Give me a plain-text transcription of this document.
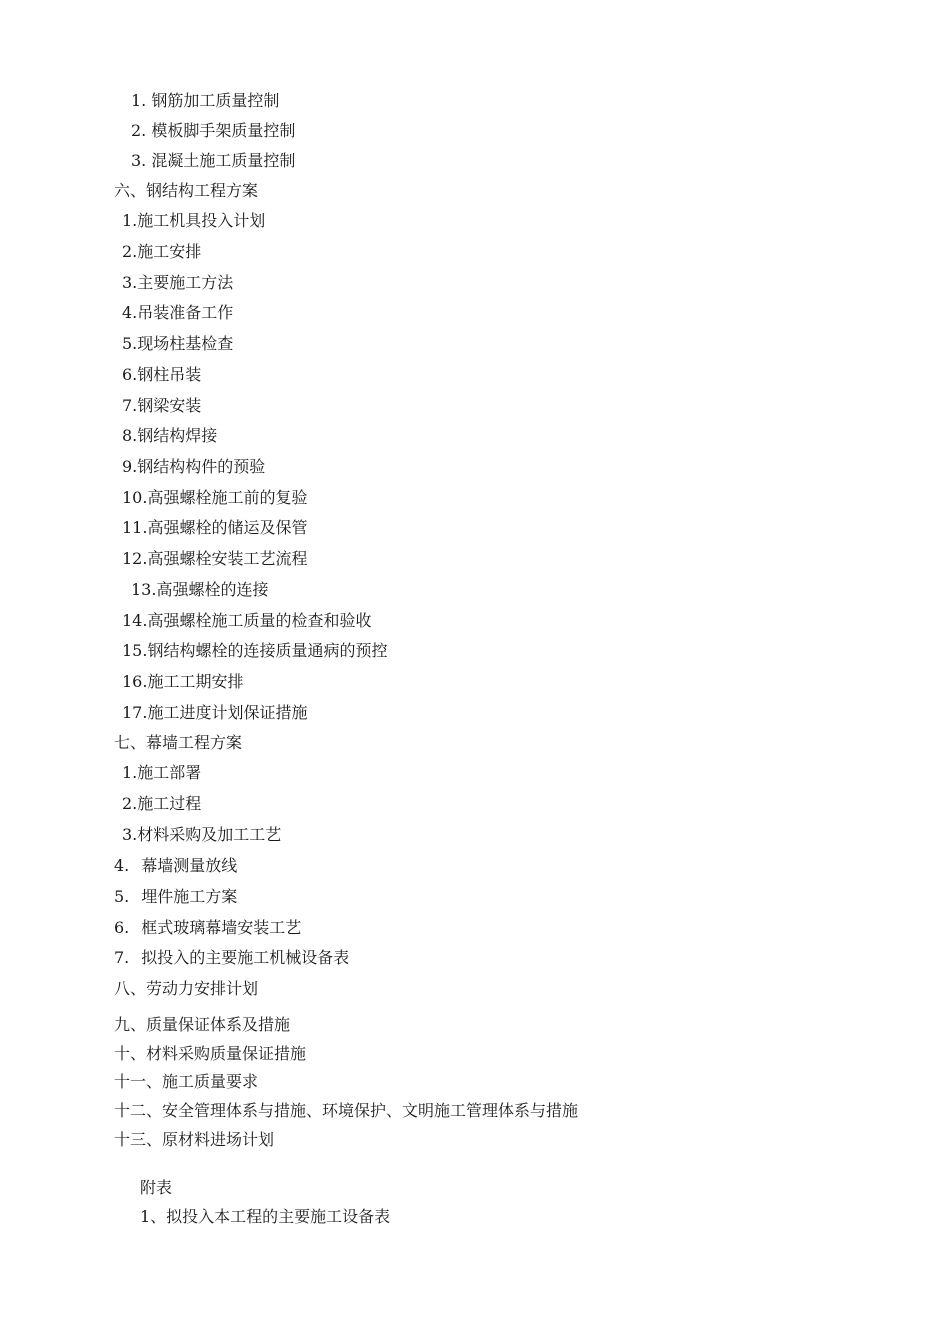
1. 钢筋加工质量控制
2. 模板脚手架质量控制
3. 混凝土施工质量控制
六、钢结构工程方案
1.施工机具投入计划
2.施工安排
3.主要施工方法
4.吊装准备工作
5.现场柱基检查
6.钢柱吊装
7.钢梁安装
8.钢结构焊接
9.钢结构构件的预验
10.高强螺栓施工前的复验
11.高强螺栓的储运及保管
12.高强螺栓安装工艺流程
13.高强螺栓的连接
14.高强螺栓施工质量的检查和验收
15.钢结构螺栓的连接质量通病的预控
16.施工工期安排
17.施工进度计划保证措施
七、幕墙工程方案
1.施工部署
2.施工过程
3.材料采购及加工工艺
4. 幕墙测量放线
5. 埋件施工方案
6. 框式玻璃幕墙安装工艺
7. 拟投入的主要施工机械设备表
八、劳动力安排计划
九、质量保证体系及措施
十、材料采购质量保证措施
十一、施工质量要求
十二、安全管理体系与措施、环境保护、文明施工管理体系与措施
十三、原材料进场计划
附表
1、拟投入本工程的主要施工设备表
